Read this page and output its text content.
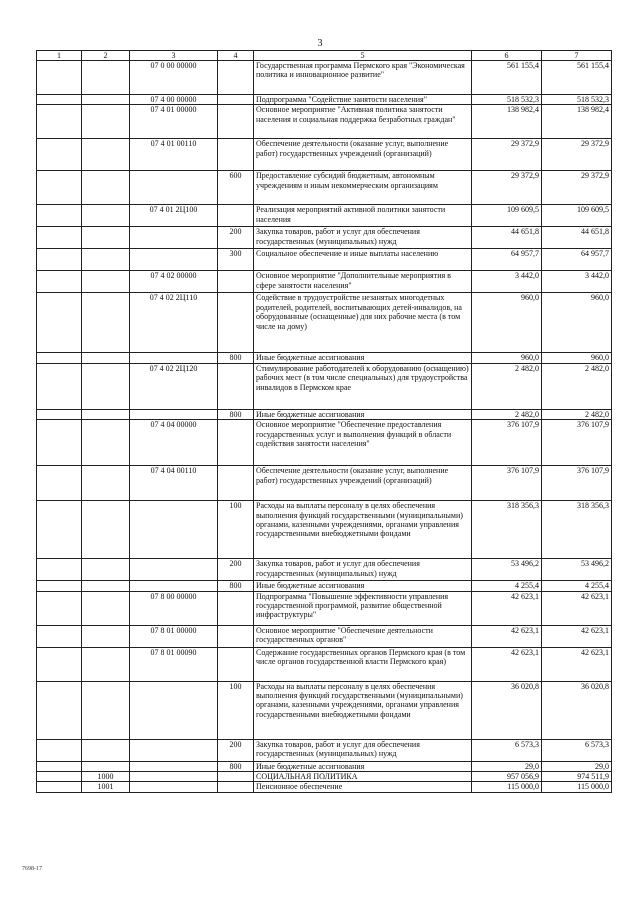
3
1	2	3	4	5	6	7
		07 0 00 00000		Государственная программа Пермского края "Экономическая политика и инновационное развитие"	561 155,4	561 155,4
		07 4 00 00000		Подпрограмма "Содействие занятости населения"	518 532,3	518 532,3
		07 4 01 00000		Основное мероприятие "Активная политика занятости населения и социальная поддержка безработных граждан"	138 982,4	138 982,4
		07 4 01 00110		Обеспечение деятельности (оказание услуг, выполнение работ) государственных учреждений (организаций)	29 372,9	29 372,9
			600	Предоставление субсидий бюджетным, автономным учреждениям и иным некоммерческим организациям	29 372,9	29 372,9
		07 4 01 2Ц100		Реализация мероприятий активной политики занятости населения	109 609,5	109 609,5
			200	Закупка товаров, работ и услуг для обеспечения государственных (муниципальных) нужд	44 651,8	44 651,8
			300	Социальное обеспечение и иные выплаты населению	64 957,7	64 957,7
		07 4 02 00000		Основное мероприятие "Дополнительные мероприятия в сфере занятости населения"	3 442,0	3 442,0
		07 4 02 2Ц110		Содействие в трудоустройстве незанятых многодетных родителей, родителей, воспитывающих детей-инвалидов, на оборудованные (оснащенные) для них рабочие места (в том числе на дому)	960,0	960,0
			800	Иные бюджетные ассигнования	960,0	960,0
		07 4 02 2Ц120		Стимулирование работодателей к оборудованию (оснащению) рабочих мест (в том числе специальных) для трудоустройства инвалидов в Пермском крае	2 482,0	2 482,0
			800	Иные бюджетные ассигнования	2 482,0	2 482,0
		07 4 04 00000		Основное мероприятие "Обеспечение предоставления государственных услуг и выполнения функций в области содействия занятости населения"	376 107,9	376 107,9
		07 4 04 00110		Обеспечение деятельности (оказание услуг, выполнение работ) государственных учреждений (организаций)	376 107,9	376 107,9
			100	Расходы на выплаты персоналу в целях обеспечения выполнения функций государственными (муниципальными) органами, казенными учреждениями, органами управления государственными внебюджетными фондами	318 356,3	318 356,3
			200	Закупка товаров, работ и услуг для обеспечения государственных (муниципальных) нужд	53 496,2	53 496,2
			800	Иные бюджетные ассигнования	4 255,4	4 255,4
		07 8 00 00000		Подпрограмма "Повышение эффективности управления государственной программой, развитие общественной инфраструктуры"	42 623,1	42 623,1
		07 8 01 00000		Основное мероприятие "Обеспечение деятельности государственных органов"	42 623,1	42 623,1
		07 8 01 00090		Содержание государственных органов Пермского края (в том числе органов государственной власти Пермского края)	42 623,1	42 623,1
			100	Расходы на выплаты персоналу в целях обеспечения выполнения функций государственными (муниципальными) органами, казенными учреждениями, органами управления государственными внебюджетными фондами	36 020,8	36 020,8
			200	Закупка товаров, работ и услуг для обеспечения государственных (муниципальных) нужд	6 573,3	6 573,3
			800	Иные бюджетные ассигнования	29,0	29,0
	1000			СОЦИАЛЬНАЯ ПОЛИТИКА	957 056,9	974 511,9
	1001			Пенсионное обеспечение	115 000,0	115 000,0
7698-17
